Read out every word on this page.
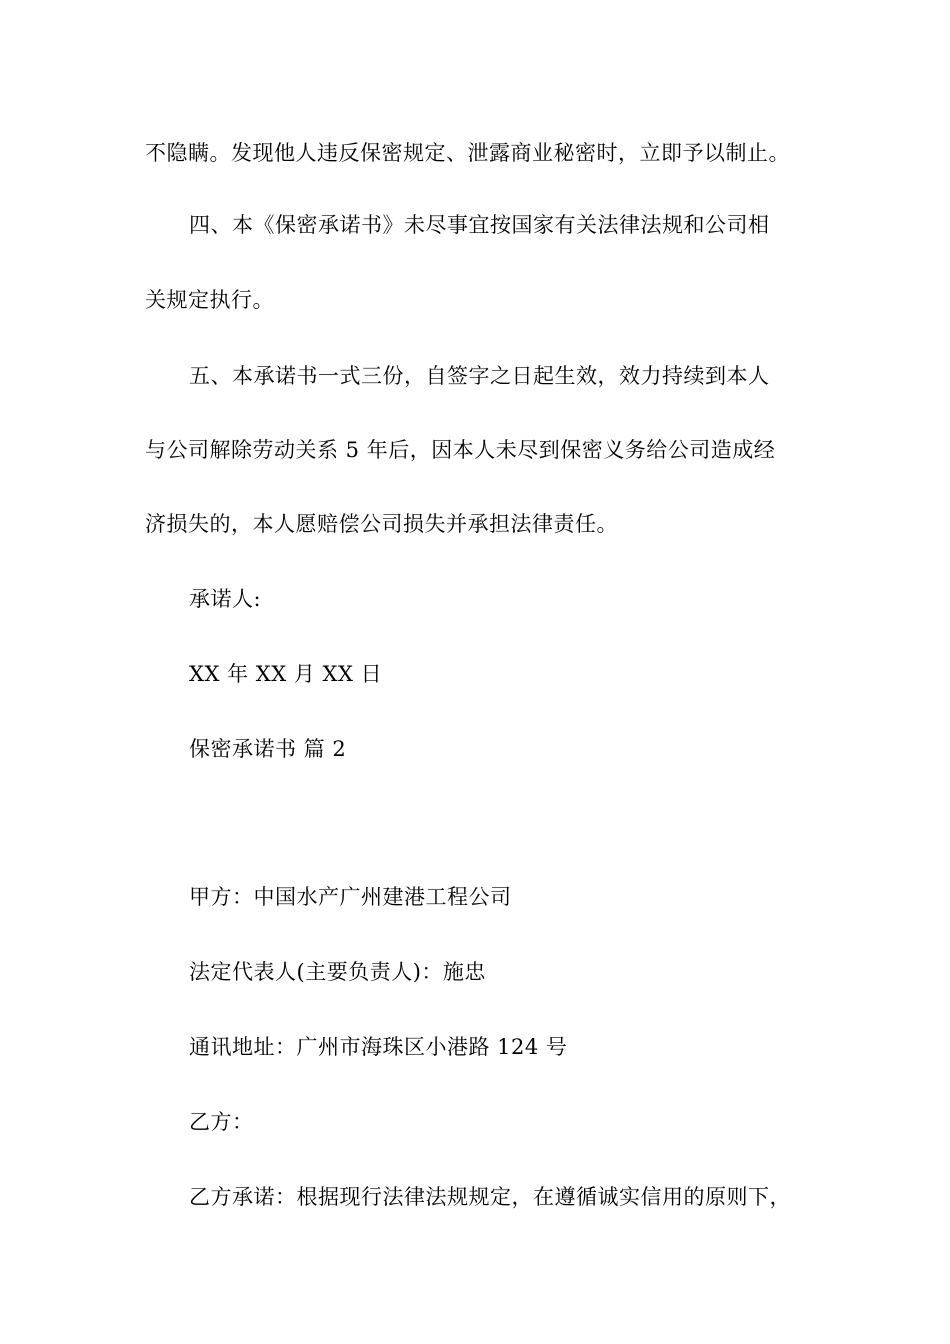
不隐瞒。发现他人违反保密规定、泄露商业秘密时，立即予以制止。
四、本《保密承诺书》未尽事宜按国家有关法律法规和公司相
关规定执行。
五、本承诺书一式三份，自签字之日起生效，效力持续到本人
与公司解除劳动关系 5 年后，因本人未尽到保密义务给公司造成经
济损失的，本人愿赔偿公司损失并承担法律责任。
承诺人:
XX 年 XX 月 XX 日
保密承诺书 篇 2
甲方：中国水产广州建港工程公司
法定代表人(主要负责人)：施忠
通讯地址：广州市海珠区小港路 124 号
乙方：
乙方承诺：根据现行法律法规规定，在遵循诚实信用的原则下，
